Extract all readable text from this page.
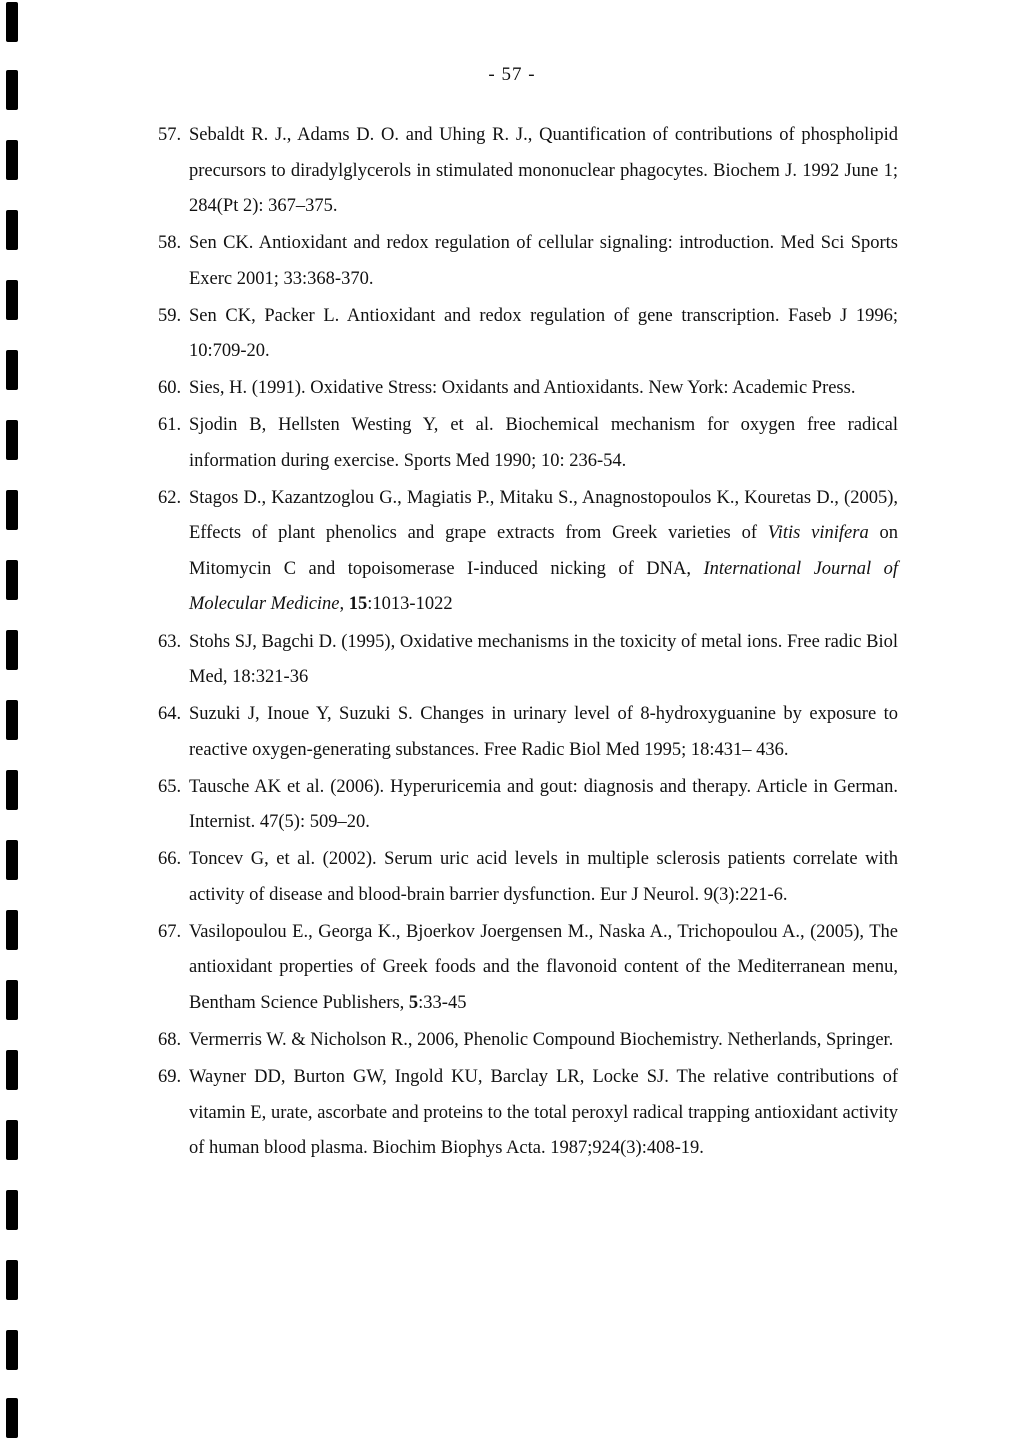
- 57 -
57. Sebaldt R. J., Adams D. O. and Uhing R. J., Quantification of contributions of phospholipid precursors to diradylglycerols in stimulated mononuclear phagocytes. Biochem J. 1992 June 1; 284(Pt 2): 367–375.
58. Sen CK. Antioxidant and redox regulation of cellular signaling: introduction. Med Sci Sports Exerc 2001; 33:368-370.
59. Sen CK, Packer L. Antioxidant and redox regulation of gene transcription. Faseb J 1996; 10:709-20.
60. Sies, H. (1991). Oxidative Stress: Oxidants and Antioxidants. New York: Academic Press.
61. Sjodin B, Hellsten Westing Y, et al. Biochemical mechanism for oxygen free radical information during exercise. Sports Med 1990; 10: 236-54.
62. Stagos D., Kazantzoglou G., Magiatis P., Mitaku S., Anagnostopoulos K., Kouretas D., (2005), Effects of plant phenolics and grape extracts from Greek varieties of Vitis vinifera on Mitomycin C and topoisomerase I-induced nicking of DNA, International Journal of Molecular Medicine, 15:1013-1022
63. Stohs SJ, Bagchi D. (1995), Oxidative mechanisms in the toxicity of metal ions. Free radic Biol Med, 18:321-36
64. Suzuki J, Inoue Y, Suzuki S. Changes in urinary level of 8-hydroxyguanine by exposure to reactive oxygen-generating substances. Free Radic Biol Med 1995; 18:431– 436.
65. Tausche AK et al. (2006). Hyperuricemia and gout: diagnosis and therapy. Article in German. Internist. 47(5): 509–20.
66. Toncev G, et al. (2002). Serum uric acid levels in multiple sclerosis patients correlate with activity of disease and blood-brain barrier dysfunction. Eur J Neurol. 9(3):221-6.
67. Vasilopoulou E., Georga K., Bjoerkov Joergensen M., Naska A., Trichopoulou A., (2005), The antioxidant properties of Greek foods and the flavonoid content of the Mediterranean menu, Bentham Science Publishers, 5:33-45
68. Vermerris W. & Nicholson R., 2006, Phenolic Compound Biochemistry. Netherlands, Springer.
69. Wayner DD, Burton GW, Ingold KU, Barclay LR, Locke SJ. The relative contributions of vitamin E, urate, ascorbate and proteins to the total peroxyl radical trapping antioxidant activity of human blood plasma. Biochim Biophys Acta. 1987;924(3):408-19.
